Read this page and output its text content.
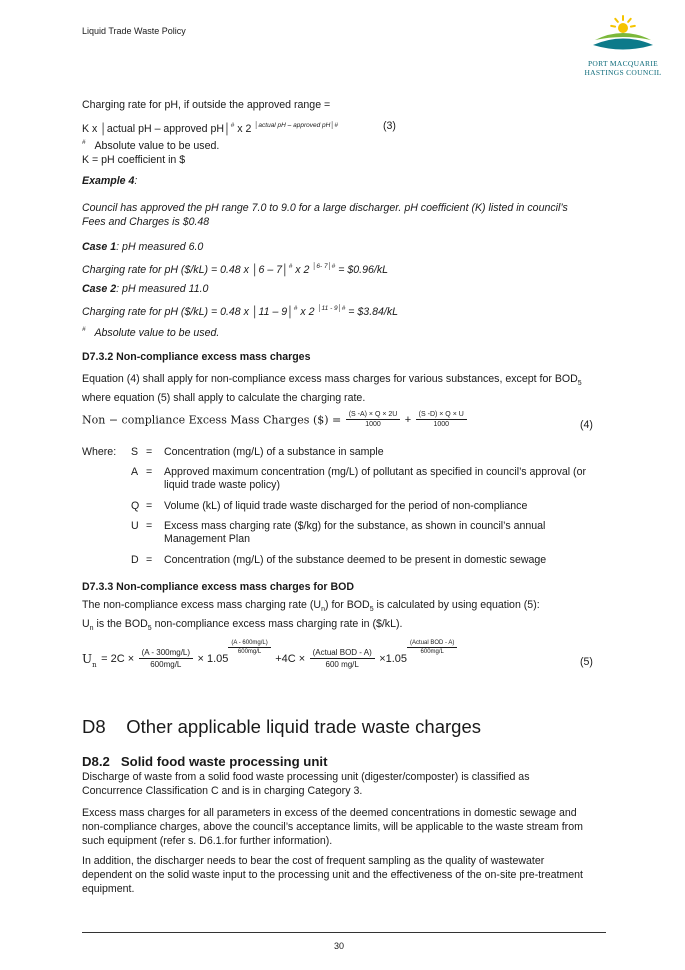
Liquid Trade Waste Policy
PORT MACQUARIE
HASTINGS COUNCIL
Charging rate for pH, if outside the approved range =
K x │actual pH – approved pH│# x 2 $^{│actual pH - approved pH│\#}$	(3)
# Absolute value to be used.
K = pH coefficient in $
Example 4:
Council has approved the pH range 7.0 to 9.0 for a large discharger. pH coefficient (K) listed in council’s Fees and Charges is $0.48
Case 1: pH measured 6.0
Charging rate for pH ($/kL) = 0.48 x │6 – 7│# x 2 $^{│6- 7│\#}$ = $0.96/kL
Case 2: pH measured 11.0
Charging rate for pH ($/kL) = 0.48 x │11 – 9│# x 2 $^{│11 - 9│\#}$ = $3.84/kL
# Absolute value to be used.
D7.3.2 Non-compliance excess mass charges
Equation (4) shall apply for non-compliance excess mass charges for various substances, except for $BOD_5$ where equation (5) shall apply to calculate the charging rate.
Non − compliance Excess Mass Charges ($) = $\frac{(S -A) \times Q \times 2U}{1000} + \frac{(S -D) \times Q \times U}{1000}$	(4)
Where: S = Concentration (mg/L) of a substance in sample
A = Approved maximum concentration (mg/L) of pollutant as specified in council’s approval (or liquid trade waste policy)
Q = Volume (kL) of liquid trade waste discharged for the period of non-compliance
U = Excess mass charging rate ($/kg) for the substance, as shown in council’s annual Management Plan
D = Concentration (mg/L) of the substance deemed to be present in domestic sewage
D7.3.3 Non-compliance excess mass charges for BOD
The non-compliance excess mass charging rate $(U_n)$ for $BOD_5$ is calculated by using equation (5):
$U_n$ is the $BOD_5$ non-compliance excess mass charging rate in ($/kL).
$U_n = 2C \times \frac{(A - 300mg/L)}{600mg/L} \times 1.05$
$\frac{(A - 600mg/L)}{600mg/L}$
$+4C \times \frac{\text{(Actual BOD - A)}}{600 mg/L} \times 1.05$
$\frac{\text{(Actual BOD - A)}}{600mg/L}$
(5)
D8    Other applicable liquid trade waste charges
D8.2   Solid food waste processing unit
Discharge of waste from a solid food waste processing unit (digester/composter) is classified as Concurrence Classification C and is in charging Category 3.
Excess mass charges for all parameters in excess of the deemed concentrations in domestic sewage and non-compliance charges, above the council’s acceptance limits, will be applicable to the waste stream from such equipment (refer s. D6.1.for further information).
In addition, the discharger needs to bear the cost of frequent sampling as the quality of wastewater dependent on the solid waste input to the processing unit and the effectiveness of the on-site pre-treatment equipment.
30
